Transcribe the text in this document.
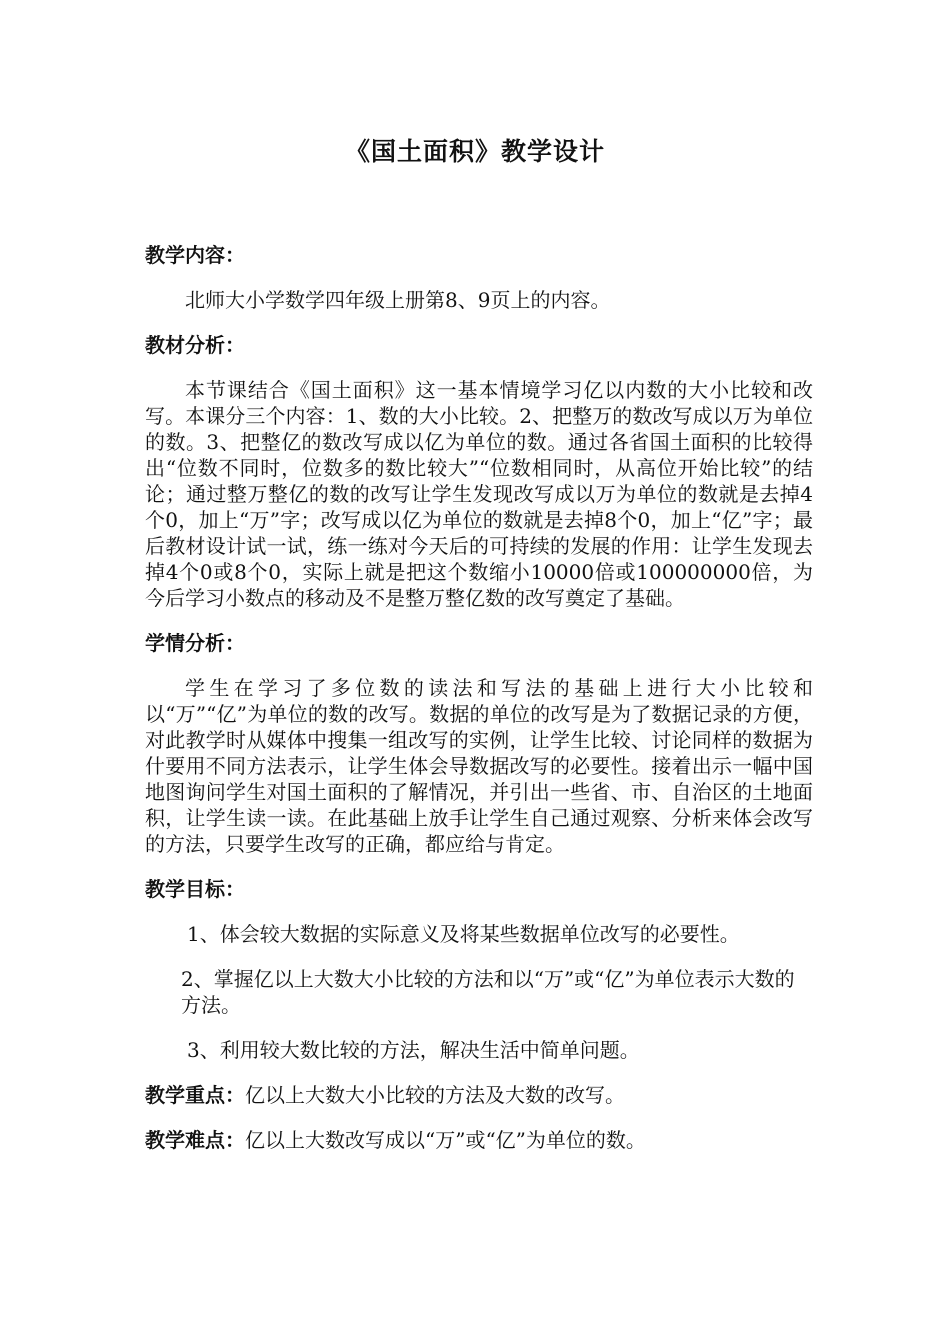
《国土面积》教学设计
教学内容：
北师大小学数学四年级上册第8、9页上的内容。
教材分析：
本节课结合《国土面积》这一基本情境学习亿以内数的大小比较和改写。本课分三个内容：1、数的大小比较。2、把整万的数改写成以万为单位的数。3、把整亿的数改写成以亿为单位的数。通过各省国土面积的比较得出“位数不同时，位数多的数比较大”“位数相同时，从高位开始比较”的结论；通过整万整亿的数的改写让学生发现改写成以万为单位的数就是去掉4个0，加上“万”字；改写成以亿为单位的数就是去掉8个0，加上“亿”字；最后教材设计试一试，练一练对今天后的可持续的发展的作用：让学生发现去掉4个0或8个0，实际上就是把这个数缩小10000倍或100000000倍，为今后学习小数点的移动及不是整万整亿数的改写奠定了基础。
学情分析：
学生在学习了多位数的读法和写法的基础上进行大小比较和以“万”“亿”为单位的数的改写。数据的单位的改写是为了数据记录的方便，对此教学时从媒体中搜集一组改写的实例，让学生比较、讨论同样的数据为什要用不同方法表示，让学生体会导数据改写的必要性。接着出示一幅中国地图询问学生对国土面积的了解情况，并引出一些省、市、自治区的土地面积，让学生读一读。在此基础上放手让学生自己通过观察、分析来体会改写的方法，只要学生改写的正确，都应给与肯定。
教学目标：
1、体会较大数据的实际意义及将某些数据单位改写的必要性。
2、掌握亿以上大数大小比较的方法和以“万”或“亿”为单位表示大数的方法。
3、利用较大数比较的方法，解决生活中简单问题。
教学重点：亿以上大数大小比较的方法及大数的改写。
教学难点：亿以上大数改写成以“万”或“亿”为单位的数。
